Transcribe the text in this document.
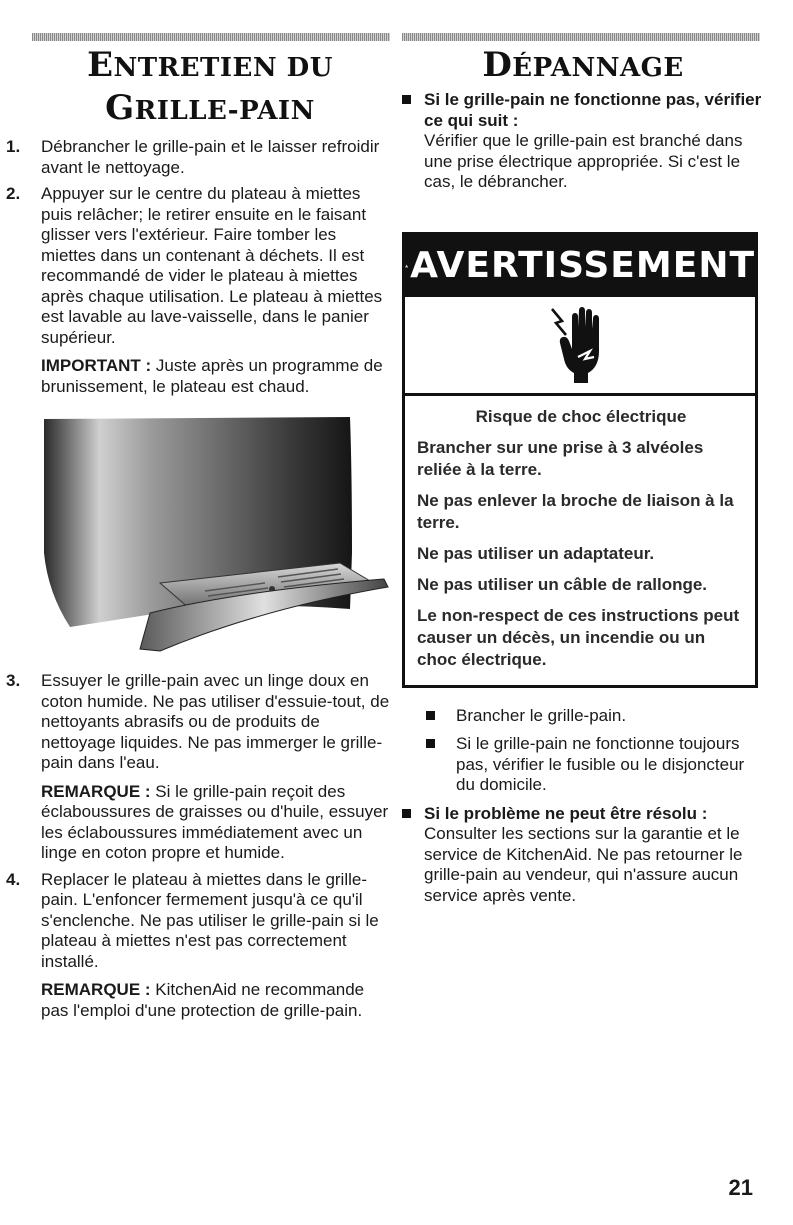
ENTRETIEN DU
GRILLE-PAIN
1. Débrancher le grille-pain et le laisser refroidir avant le nettoyage.
2. Appuyer sur le centre du plateau à miettes puis relâcher; le retirer ensuite en le faisant glisser vers l'extérieur. Faire tomber les miettes dans un contenant à déchets. Il est recommandé de vider le plateau à miettes après chaque utilisation. Le plateau à miettes est lavable au lave-vaisselle, dans le panier supérieur.
IMPORTANT : Juste après un programme de brunissement, le plateau est chaud.
3. Essuyer le grille-pain avec un linge doux en coton humide. Ne pas utiliser d'essuie-tout, de nettoyants abrasifs ou de produits de nettoyage liquides. Ne pas immerger le grille-pain dans l'eau.
REMARQUE : Si le grille-pain reçoit des éclaboussures de graisses ou d'huile, essuyer les éclaboussures immédiatement avec un linge en coton propre et humide.
4. Replacer le plateau à miettes dans le grille-pain. L'enfoncer fermement jusqu'à ce qu'il s'enclenche. Ne pas utiliser le grille-pain si le plateau à miettes n'est pas correctement installé.
REMARQUE : KitchenAid ne recommande pas l'emploi d'une protection de grille-pain.
DÉPANNAGE
Si le grille-pain ne fonctionne pas, vérifier ce qui suit :
Vérifier que le grille-pain est branché dans une prise électrique appropriée. Si c'est le cas, le débrancher.
AVERTISSEMENT
Risque de choc électrique

Brancher sur une prise à 3 alvéoles reliée à la terre.

Ne pas enlever la broche de liaison à la terre.

Ne pas utiliser un adaptateur.

Ne pas utiliser un câble de rallonge.

Le non-respect de ces instructions peut causer un décès, un incendie ou un choc électrique.

Brancher le grille-pain.
Si le grille-pain ne fonctionne toujours pas, vérifier le fusible ou le disjoncteur du domicile.
Si le problème ne peut être résolu :
Consulter les sections sur la garantie et le service de KitchenAid. Ne pas retourner le grille-pain au vendeur, qui n'assure aucun service après vente.
21
